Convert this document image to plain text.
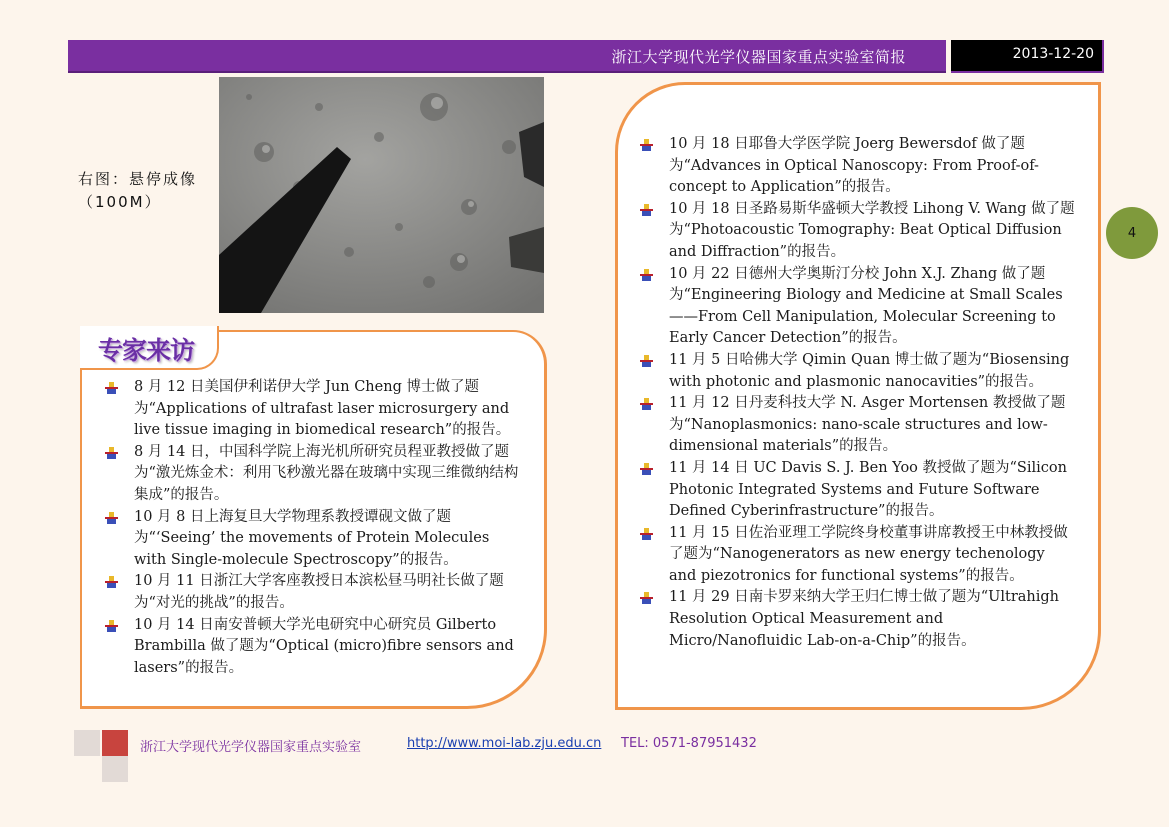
浙江大学现代光学仪器国家重点实验室简报	2013-12-20
右图：悬停成像
（100M）
4
专家来访
8 月 12 日美国伊利诺伊大学 Jun Cheng 博士做了题为“Applications of ultrafast laser microsurgery and live tissue imaging in biomedical research”的报告。
8 月 14 日，中国科学院上海光机所研究员程亚教授做了题为“激光炼金术：利用飞秒激光器在玻璃中实现三维微纳结构集成”的报告。
10 月 8 日上海复旦大学物理系教授谭砚文做了题为“‘Seeing’ the movements of Protein Molecules with Single-molecule Spectroscopy”的报告。
10 月 11 日浙江大学客座教授日本滨松昼马明社长做了题为“对光的挑战”的报告。
10 月 14 日南安普顿大学光电研究中心研究员 Gilberto Brambilla 做了题为“Optical (micro)fibre sensors and lasers”的报告。
10 月 18 日耶鲁大学医学院 Joerg Bewersdof 做了题为“Advances in Optical Nanoscopy: From Proof-of-concept to Application”的报告。
10 月 18 日圣路易斯华盛顿大学教授 Lihong V. Wang 做了题为“Photoacoustic Tomography: Beat Optical Diffusion and Diffraction”的报告。
10 月 22 日德州大学奥斯汀分校 John X.J. Zhang 做了题为“Engineering Biology and Medicine at Small Scales ——From Cell Manipulation, Molecular Screening to Early Cancer Detection”的报告。
11 月 5 日哈佛大学 Qimin Quan 博士做了题为“Biosensing with photonic and plasmonic nanocavities”的报告。
11 月 12 日丹麦科技大学 N. Asger Mortensen 教授做了题为“Nanoplasmonics: nano-scale structures and low-dimensional materials”的报告。
11 月 14 日 UC Davis S. J. Ben Yoo 教授做了题为“Silicon Photonic Integrated Systems and Future Software Defined Cyberinfrastructure”的报告。
11 月 15 日佐治亚理工学院终身校董事讲席教授王中林教授做了题为“Nanogenerators as new energy techenology and piezotronics for functional systems”的报告。
11 月 29 日南卡罗来纳大学王归仁博士做了题为“Ultrahigh Resolution Optical Measurement and Micro/Nanofluidic Lab-on-a-Chip”的报告。
浙江大学现代光学仪器国家重点实验室	http://www.moi-lab.zju.edu.cn TEL: 0571-87951432
